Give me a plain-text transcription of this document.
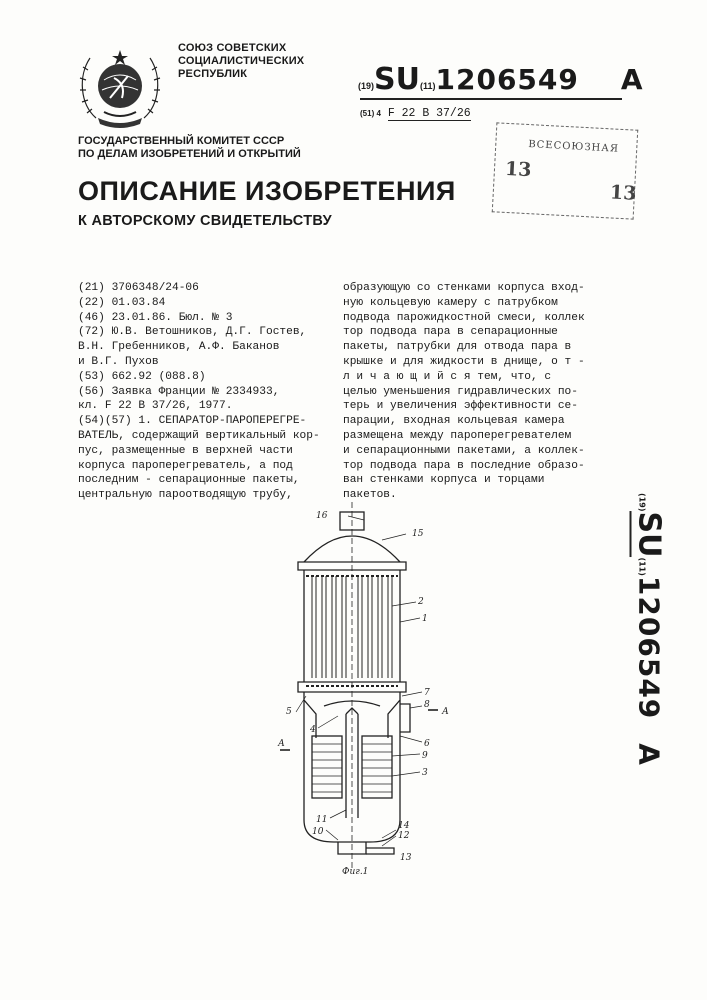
СОЮЗ СОВЕТСКИХ
СОЦИАЛИСТИЧЕСКИХ
РЕСПУБЛИК
(19)SU(11)1206549 A
(51) 4 F 22 B 37/26
ГОСУДАРСТВЕННЫЙ КОМИТЕТ СССР
ПО ДЕЛАМ ИЗОБРЕТЕНИЙ И ОТКРЫТИЙ	ВСЕСОЮЗНАЯ
13
13
ОПИСАНИЕ ИЗОБРЕТЕНИЯ
К АВТОРСКОМУ СВИДЕТЕЛЬСТВУ
(21) 3706348/24-06
(22) 01.03.84
(46) 23.01.86. Бюл. № 3
(72) Ю.В. Ветошников, Д.Г. Гостев,
В.Н. Гребенников, А.Ф. Баканов
и В.Г. Пухов
(53) 662.92 (088.8)
(56) Заявка Франции № 2334933,
кл. F 22 В 37/26, 1977.
(54)(57) 1. СЕПАРАТОР-ПАРОПЕРЕГРЕ-
ВАТЕЛЬ, содержащий вертикальный кор-
пус, размещенные в верхней части
корпуса пароперегреватель, а под
последним - сепарационные пакеты,
центральную пароотводящую трубу,
образующую со стенками корпуса вход-
ную кольцевую камеру с патрубком
подвода парожидкостной смеси, коллек
тор подвода пара в сепарационные
пакеты, патрубки для отвода пара в
крышке и для жидкости в днище, о т -
л и ч а ю щ и й с я тем, что, с
целью уменьшения гидравлических по-
терь и увеличения эффективности се-
парации, входная кольцевая камера
размещена между пароперегревателем
и сепарационными пакетами, а коллек-
тор подвода пара в последние образо-
ван стенками корпуса и торцами
пакетов.	(19)SU(11)1206549A
16
15
2
1
7
8
А
6
9
3
4
5
А
11
10
14
12
13
Фиг.1
